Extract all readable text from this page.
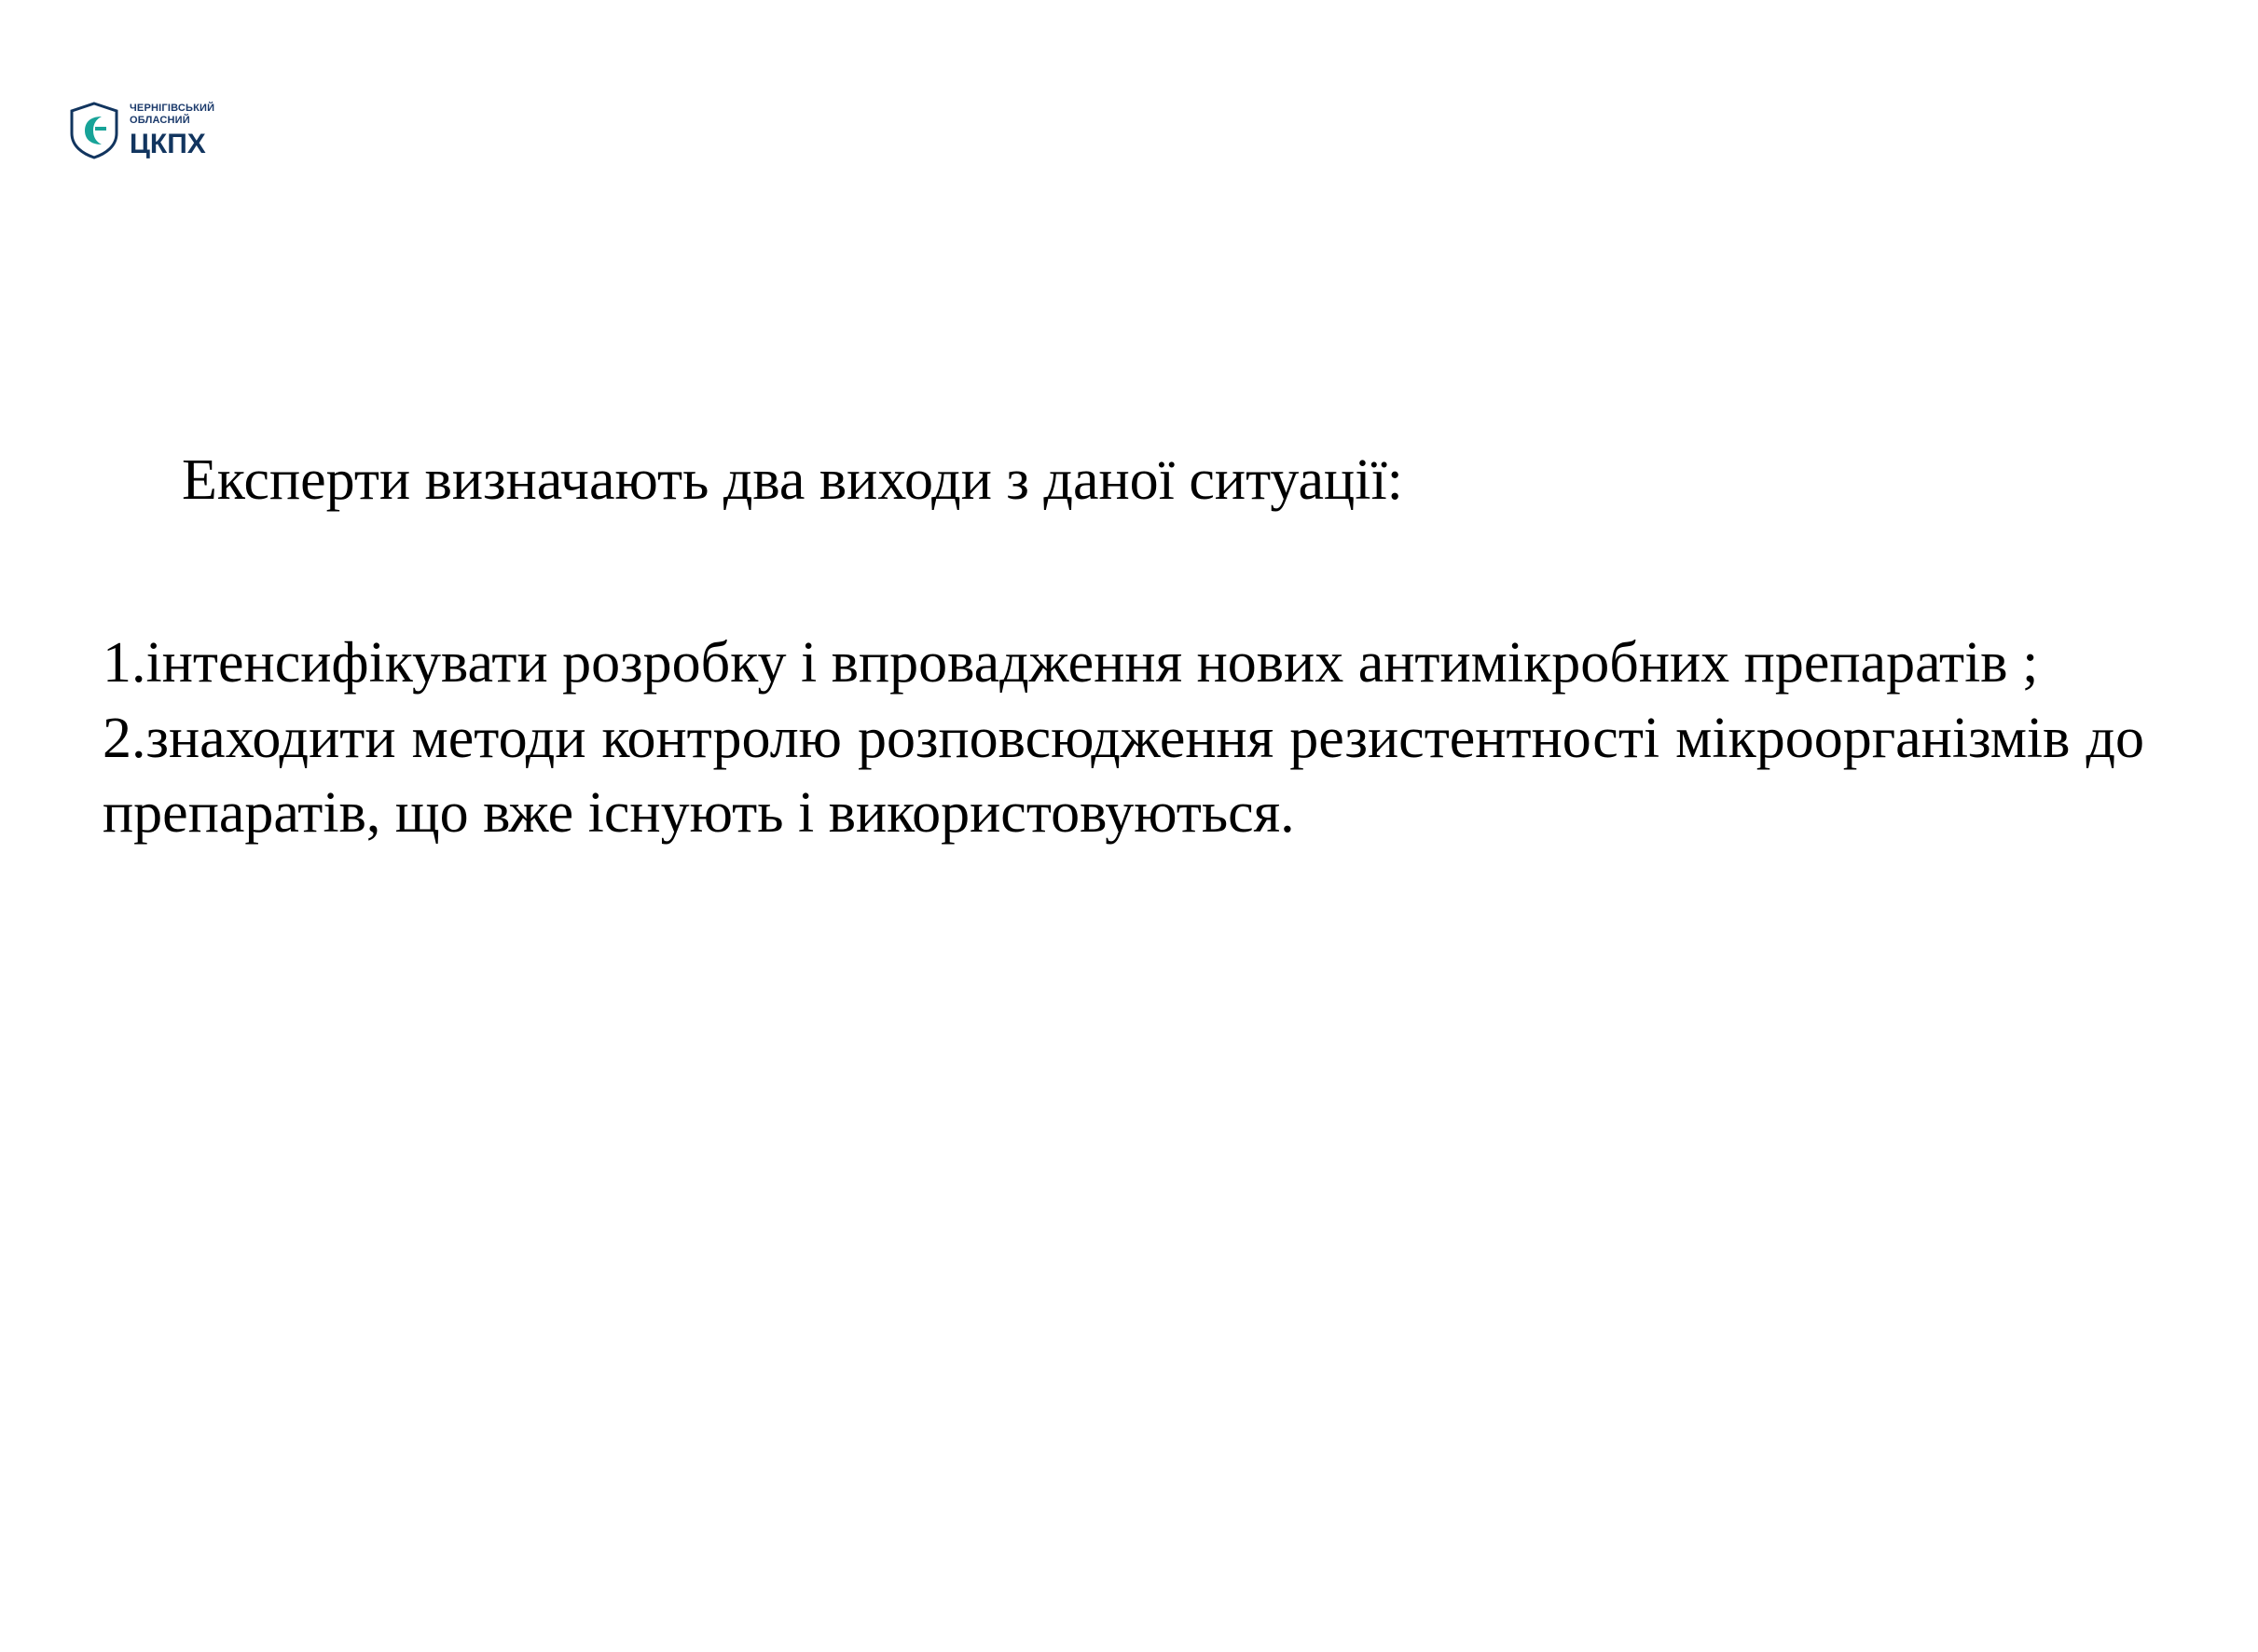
ЧЕРНІГІВСЬКИЙ
ОБЛАСНИЙ
ЦКПХ

Експерти визначають два виходи з даної ситуації:

1.інтенсифікувати розробку і впровадження нових антимікробних препаратів ;

2.знаходити методи контролю розповсюдження резистентності мікроорганізмів до препаратів, що вже існують і використовуються.
